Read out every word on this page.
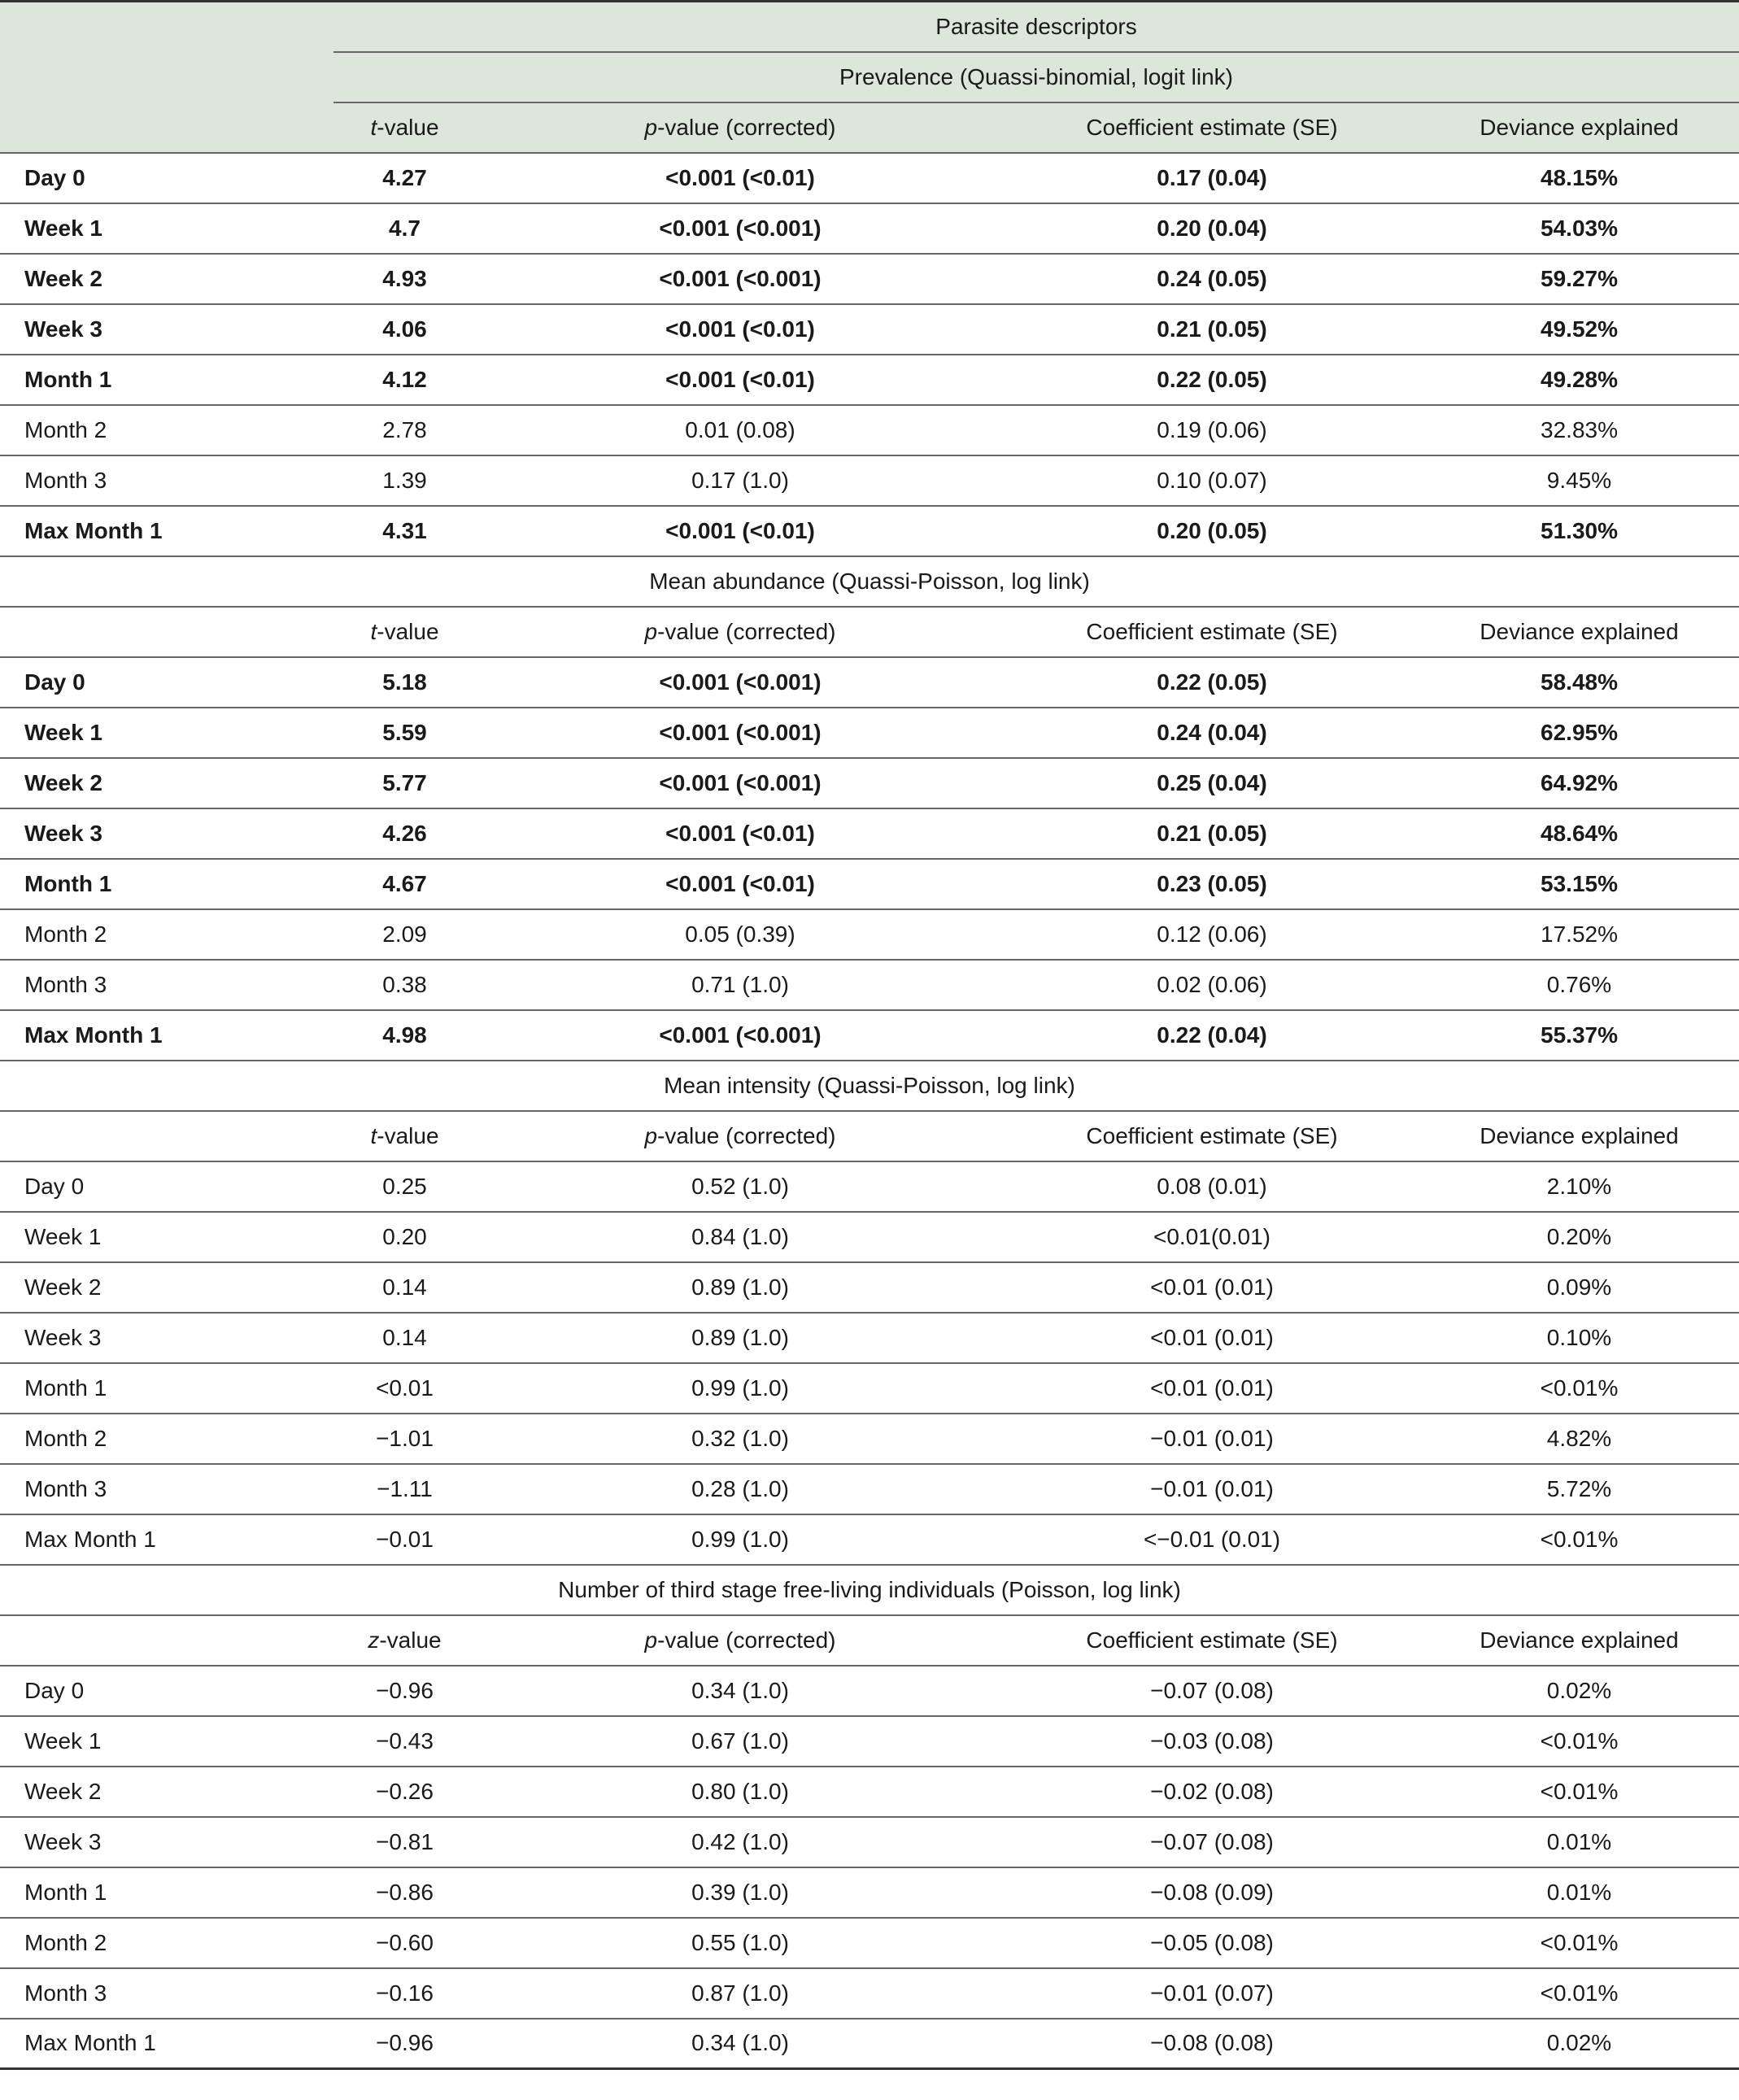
	Parasite descriptors			
	Prevalence (Quassi-binomial, logit link)			
	t-value	p-value (corrected)	Coefficient estimate (SE)	Deviance explained
Day 0	4.27	<0.001 (<0.01)	0.17 (0.04)	48.15%
Week 1	4.7	<0.001 (<0.001)	0.20 (0.04)	54.03%
Week 2	4.93	<0.001 (<0.001)	0.24 (0.05)	59.27%
Week 3	4.06	<0.001 (<0.01)	0.21 (0.05)	49.52%
Month 1	4.12	<0.001 (<0.01)	0.22 (0.05)	49.28%
Month 2	2.78	0.01 (0.08)	0.19 (0.06)	32.83%
Month 3	1.39	0.17 (1.0)	0.10 (0.07)	9.45%
Max Month 1	4.31	<0.001 (<0.01)	0.20 (0.05)	51.30%
Mean abundance (Quassi-Poisson, log link)				
	t-value	p-value (corrected)	Coefficient estimate (SE)	Deviance explained
Day 0	5.18	<0.001 (<0.001)	0.22 (0.05)	58.48%
Week 1	5.59	<0.001 (<0.001)	0.24 (0.04)	62.95%
Week 2	5.77	<0.001 (<0.001)	0.25 (0.04)	64.92%
Week 3	4.26	<0.001 (<0.01)	0.21 (0.05)	48.64%
Month 1	4.67	<0.001 (<0.01)	0.23 (0.05)	53.15%
Month 2	2.09	0.05 (0.39)	0.12 (0.06)	17.52%
Month 3	0.38	0.71 (1.0)	0.02 (0.06)	0.76%
Max Month 1	4.98	<0.001 (<0.001)	0.22 (0.04)	55.37%
Mean intensity (Quassi-Poisson, log link)				
	t-value	p-value (corrected)	Coefficient estimate (SE)	Deviance explained
Day 0	0.25	0.52 (1.0)	0.08 (0.01)	2.10%
Week 1	0.20	0.84 (1.0)	<0.01(0.01)	0.20%
Week 2	0.14	0.89 (1.0)	<0.01 (0.01)	0.09%
Week 3	0.14	0.89 (1.0)	<0.01 (0.01)	0.10%
Month 1	<0.01	0.99 (1.0)	<0.01 (0.01)	<0.01%
Month 2	−1.01	0.32 (1.0)	−0.01 (0.01)	4.82%
Month 3	−1.11	0.28 (1.0)	−0.01 (0.01)	5.72%
Max Month 1	−0.01	0.99 (1.0)	<−0.01 (0.01)	<0.01%
Number of third stage free-living individuals (Poisson, log link)				
	z-value	p-value (corrected)	Coefficient estimate (SE)	Deviance explained
Day 0	−0.96	0.34 (1.0)	−0.07 (0.08)	0.02%
Week 1	−0.43	0.67 (1.0)	−0.03 (0.08)	<0.01%
Week 2	−0.26	0.80 (1.0)	−0.02 (0.08)	<0.01%
Week 3	−0.81	0.42 (1.0)	−0.07 (0.08)	0.01%
Month 1	−0.86	0.39 (1.0)	−0.08 (0.09)	0.01%
Month 2	−0.60	0.55 (1.0)	−0.05 (0.08)	<0.01%
Month 3	−0.16	0.87 (1.0)	−0.01 (0.07)	<0.01%
Max Month 1	−0.96	0.34 (1.0)	−0.08 (0.08)	0.02%
